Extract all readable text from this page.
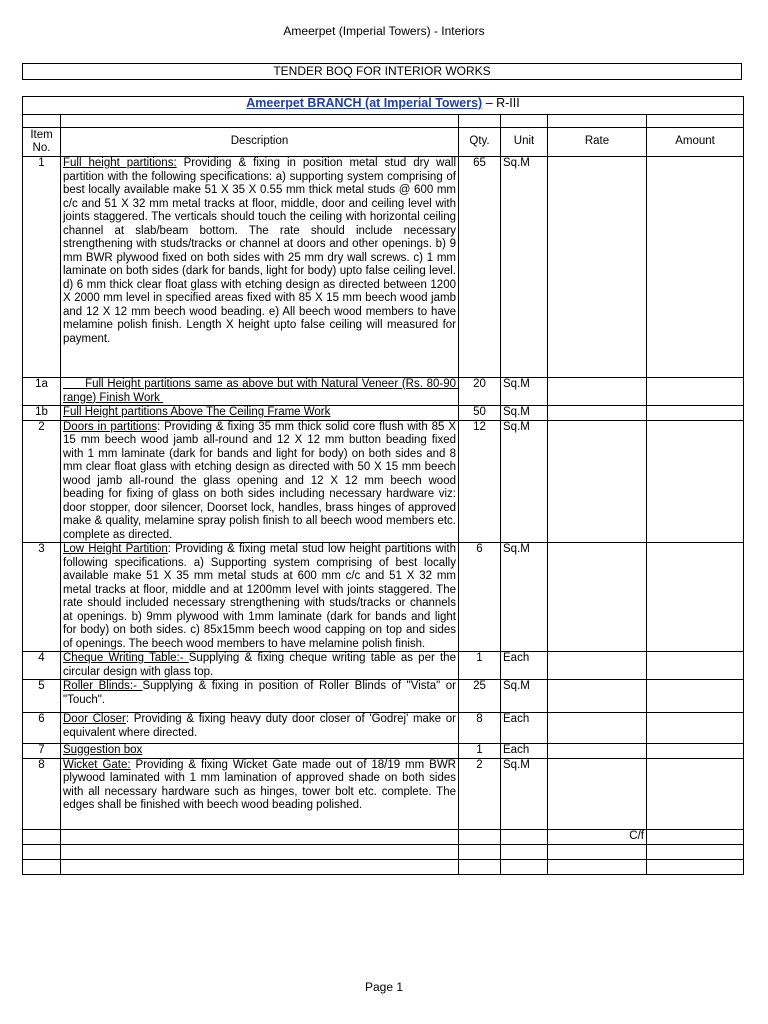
Ameerpet (Imperial Towers) - Interiors
TENDER BOQ FOR INTERIOR WORKS
Ameerpet BRANCH (at Imperial Towers) – R-III					

Item No.	Description	Qty.	Unit	Rate	Amount
1	Full height partitions: Providing & fixing in position metal stud dry wall partition with the following specifications: a) supporting system comprising of best locally available make 51 X 35 X 0.55 mm thick metal studs @ 600 mm c/c and 51 X 32 mm metal tracks at floor, middle, door and ceiling level with joints staggered. The verticals should touch the ceiling with horizontal ceiling channel at slab/beam bottom. The rate should include necessary strengthening with studs/tracks or channel at doors and other openings. b) 9 mm BWR plywood fixed on both sides with 25 mm dry wall screws. c) 1 mm laminate on both sides (dark for bands, light for body) upto false ceiling level. d) 6 mm thick clear float glass with etching design as directed between 1200 X 2000 mm level in specified areas fixed with 85 X 15 mm beech wood jamb and 12 X 12 mm beech wood beading. e) All beech wood members to have melamine polish finish. Length X height upto false ceiling will measured for payment.	65	Sq.M		
1a	Full Height partitions same as above but with Natural Veneer (Rs. 80-90 range) Finish Work	20	Sq.M		
1b	Full Height partitions Above The Ceiling Frame Work	50	Sq.M		
2	Doors in partitions: Providing & fixing 35 mm thick solid core flush with 85 X 15 mm beech wood jamb all-round and 12 X 12 mm button beading fixed with 1 mm laminate (dark for bands and light for body) on both sides and 8 mm clear float glass with etching design as directed with 50 X 15 mm beech wood jamb all-round the glass opening and 12 X 12 mm beech wood beading for fixing of glass on both sides including necessary hardware viz: door stopper, door silencer, Doorset lock, handles, brass hinges of approved make & quality, melamine spray polish finish to all beech wood members etc. complete as directed.	12	Sq.M		
3	Low Height Partition: Providing & fixing metal stud low height partitions with following specifications. a) Supporting system comprising of best locally available make 51 X 35 mm metal studs at 600 mm c/c and 51 X 32 mm metal tracks at floor, middle and at 1200mm level with joints staggered. The rate should included necessary strengthening with studs/tracks or channels at openings. b) 9mm plywood with 1mm laminate (dark for bands and light for body) on both sides. c) 85x15mm beech wood capping on top and sides of openings. The beech wood members to have melamine polish finish.	6	Sq.M		
4	Cheque Writing Table:- Supplying & fixing cheque writing table as per the circular design with glass top.	1	Each		
5	Roller Blinds:- Supplying & fixing in position of Roller Blinds of "Vista" or "Touch".	25	Sq.M		
6	Door Closer: Providing & fixing heavy duty door closer of 'Godrej' make or equivalent where directed.	8	Each		
7	Suggestion box	1	Each		
8	Wicket Gate: Providing & fixing Wicket Gate made out of 18/19 mm BWR plywood laminated with 1 mm lamination of approved shade on both sides with all necessary hardware such as hinges, tower bolt etc. complete. The edges shall be finished with beech wood beading polished.	2	Sq.M		
				C/f	

Page 1
